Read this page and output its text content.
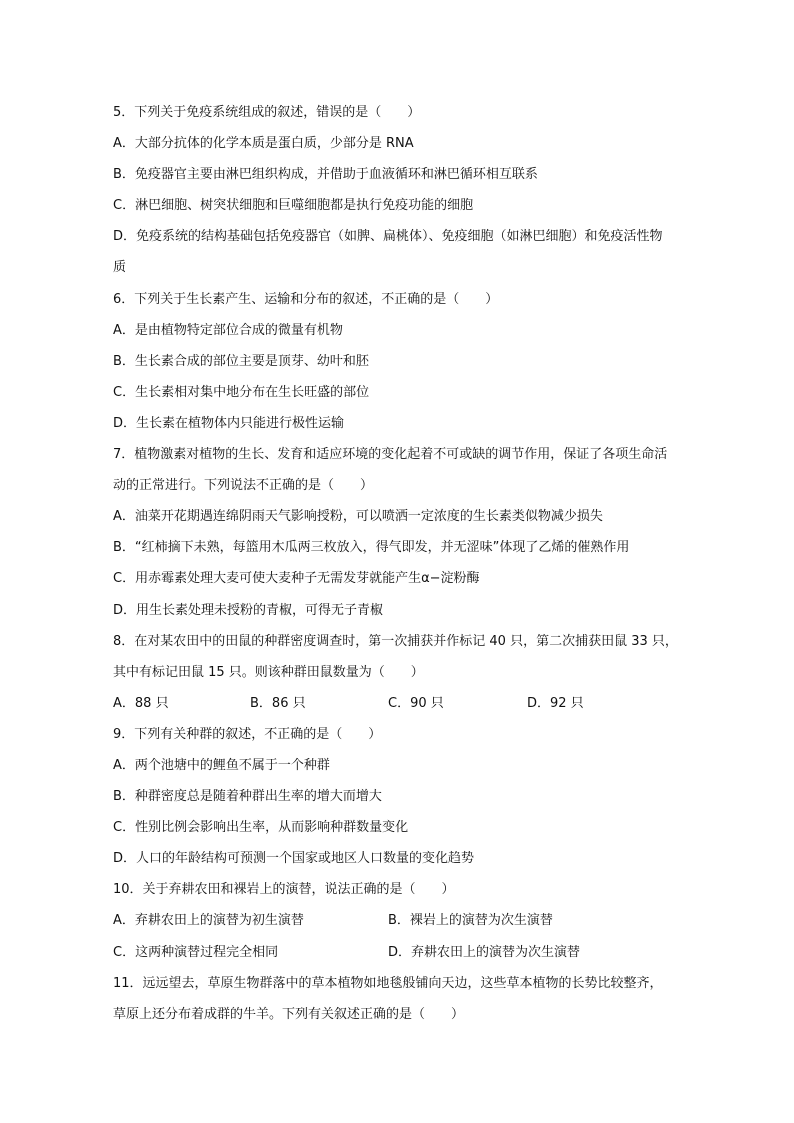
5．下列关于免疫系统组成的叙述，错误的是（　　）
A．大部分抗体的化学本质是蛋白质，少部分是 RNA
B．免疫器官主要由淋巴组织构成，并借助于血液循环和淋巴循环相互联系
C．淋巴细胞、树突状细胞和巨噬细胞都是执行免疫功能的细胞
D．免疫系统的结构基础包括免疫器官（如脾、扁桃体）、免疫细胞（如淋巴细胞）和免疫活性物
质
6．下列关于生长素产生、运输和分布的叙述，不正确的是（　　）
A．是由植物特定部位合成的微量有机物
B．生长素合成的部位主要是顶芽、幼叶和胚
C．生长素相对集中地分布在生长旺盛的部位
D．生长素在植物体内只能进行极性运输
7．植物激素对植物的生长、发育和适应环境的变化起着不可或缺的调节作用，保证了各项生命活
动的正常进行。下列说法不正确的是（　　）
A．油菜开花期遇连绵阴雨天气影响授粉，可以喷洒一定浓度的生长素类似物减少损失
B．“红柿摘下未熟，每篮用木瓜两三枚放入，得气即发，并无涩味”体现了乙烯的催熟作用
C．用赤霉素处理大麦可使大麦种子无需发芽就能产生α−淀粉酶
D．用生长素处理未授粉的青椒，可得无子青椒
8．在对某农田中的田鼠的种群密度调查时，第一次捕获并作标记 40 只，第二次捕获田鼠 33 只，
其中有标记田鼠 15 只。则该种群田鼠数量为（　　）
A．88 只	B．86 只	C．90 只	D．92 只
9．下列有关种群的叙述，不正确的是（　　）
A．两个池塘中的鲤鱼不属于一个种群
B．种群密度总是随着种群出生率的增大而增大
C．性别比例会影响出生率，从而影响种群数量变化
D．人口的年龄结构可预测一个国家或地区人口数量的变化趋势
10．关于弃耕农田和裸岩上的演替，说法正确的是（　　）
A．弃耕农田上的演替为初生演替	B．裸岩上的演替为次生演替
C．这两种演替过程完全相同	D．弃耕农田上的演替为次生演替
11．远远望去，草原生物群落中的草本植物如地毯般铺向天边，这些草本植物的长势比较整齐，
草原上还分布着成群的牛羊。下列有关叙述正确的是（　　）
